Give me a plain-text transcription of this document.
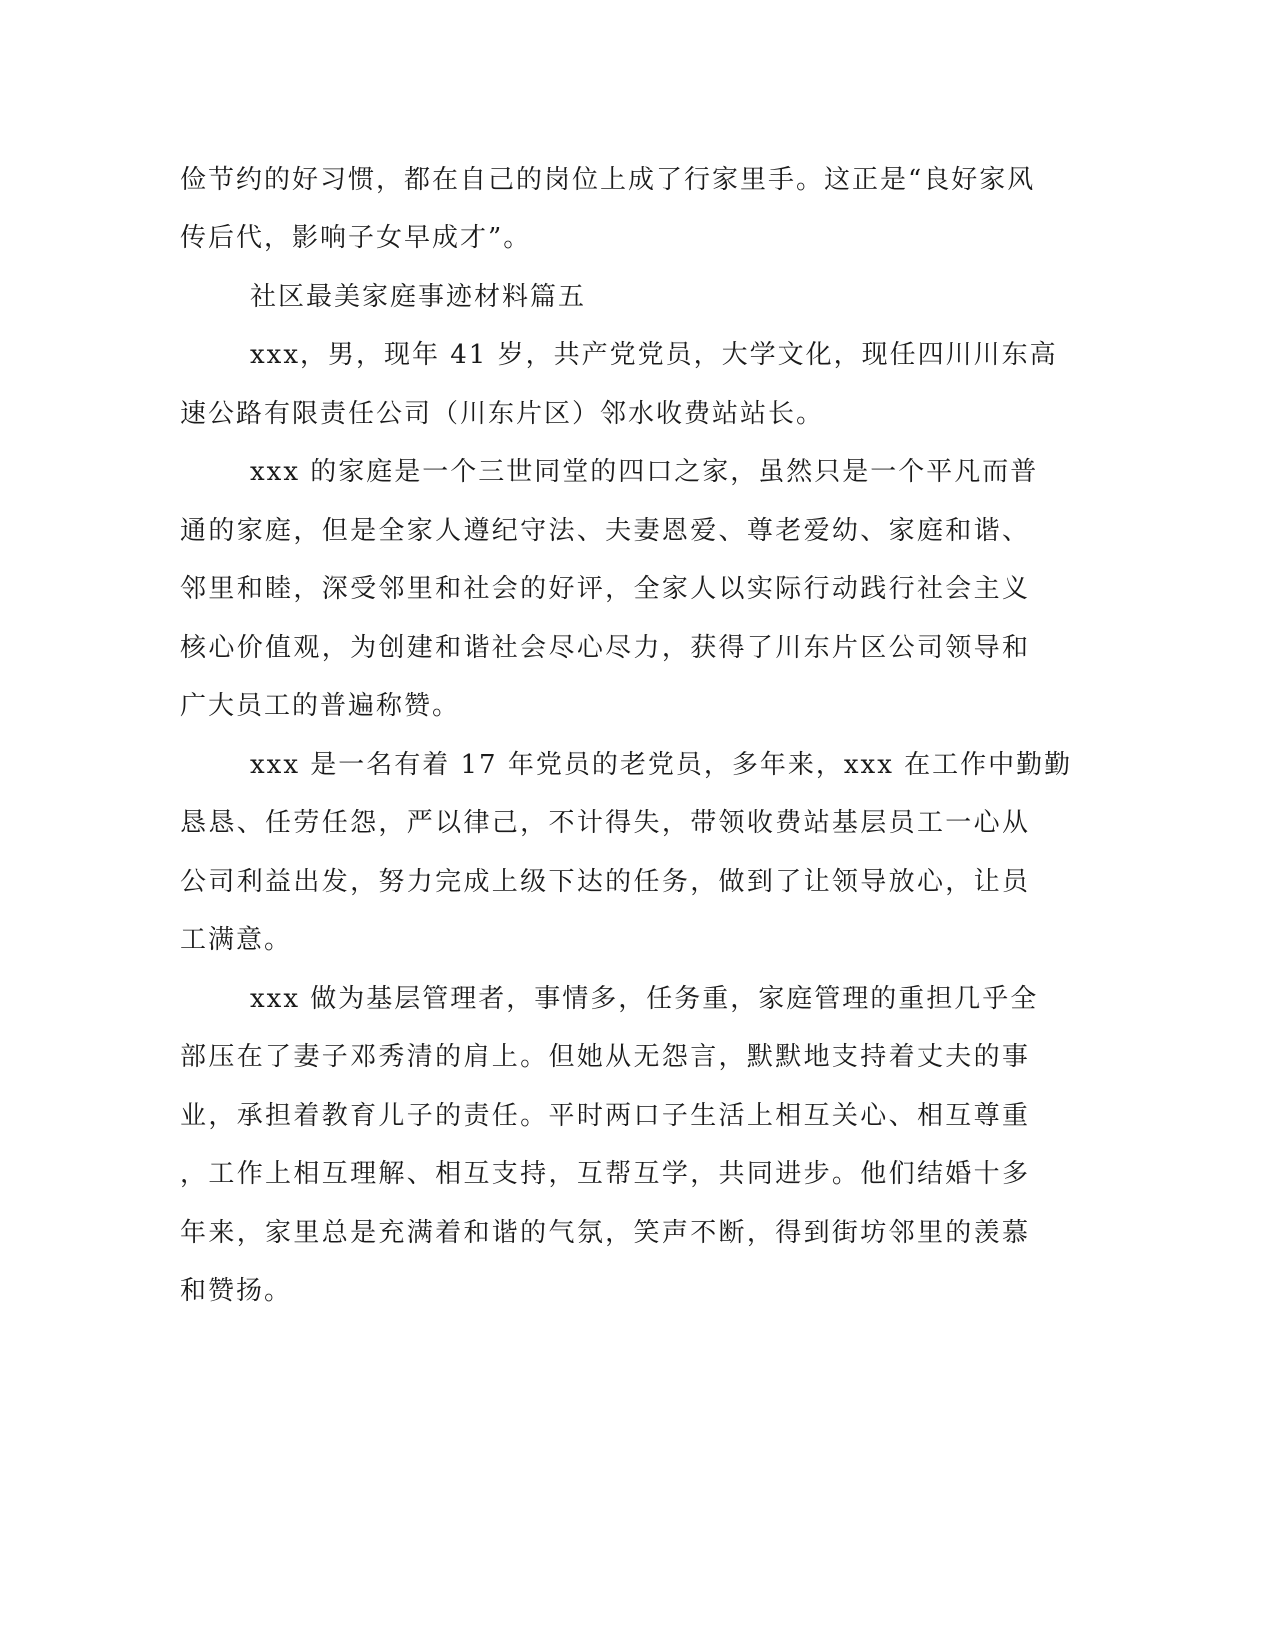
俭节约的好习惯，都在自己的岗位上成了行家里手。这正是“良好家风

传后代，影响子女早成才”。

社区最美家庭事迹材料篇五

xxx，男，现年 41 岁，共产党党员，大学文化，现任四川川东高

速公路有限责任公司（川东片区）邻水收费站站长。

xxx 的家庭是一个三世同堂的四口之家，虽然只是一个平凡而普

通的家庭，但是全家人遵纪守法、夫妻恩爱、尊老爱幼、家庭和谐、

邻里和睦，深受邻里和社会的好评，全家人以实际行动践行社会主义

核心价值观，为创建和谐社会尽心尽力，获得了川东片区公司领导和

广大员工的普遍称赞。

xxx 是一名有着 17 年党员的老党员，多年来，xxx 在工作中勤勤

恳恳、任劳任怨，严以律己，不计得失，带领收费站基层员工一心从

公司利益出发，努力完成上级下达的任务，做到了让领导放心，让员

工满意。

xxx 做为基层管理者，事情多，任务重，家庭管理的重担几乎全

部压在了妻子邓秀清的肩上。但她从无怨言，默默地支持着丈夫的事

业，承担着教育儿子的责任。平时两口子生活上相互关心、相互尊重

，工作上相互理解、相互支持，互帮互学，共同进步。他们结婚十多

年来，家里总是充满着和谐的气氛，笑声不断，得到街坊邻里的羡慕

和赞扬。
